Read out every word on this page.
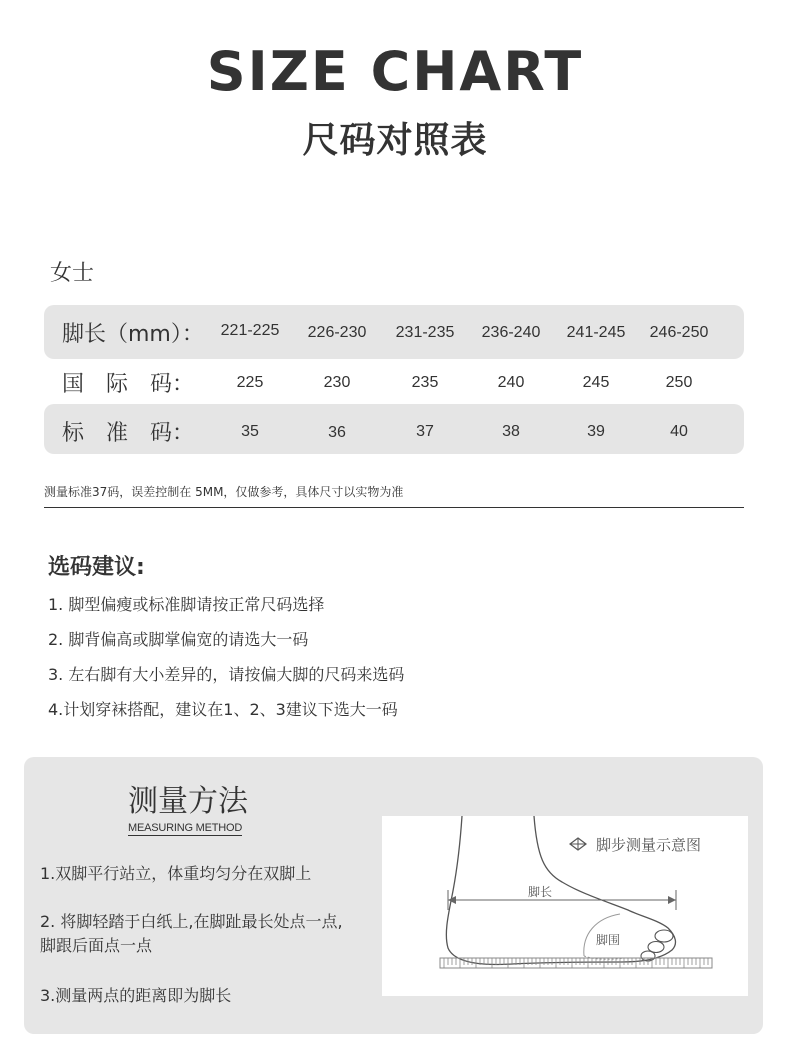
SIZE CHART
尺码对照表
女士
脚长（mm）：	221-225	226-230	231-235	236-240	241-245	246-250
国　际　码：	225	230	235	240	245	250
标　准　码：	35	36	37	38	39	40
测量标准37码，误差控制在 5MM，仅做参考，具体尺寸以实物为准
选码建议:
1. 脚型偏瘦或标准脚请按正常尺码选择
2. 脚背偏高或脚掌偏宽的请选大一码
3. 左右脚有大小差异的，请按偏大脚的尺码来选码
4.计划穿袜搭配，建议在1、2、3建议下选大一码
测量方法
MEASURING METHOD
1.双脚平行站立，体重均匀分在双脚上
2. 将脚轻踏于白纸上,在脚趾最长处点一点,
脚跟后面点一点
3.测量两点的距离即为脚长
脚步测量示意图
脚长
脚围
